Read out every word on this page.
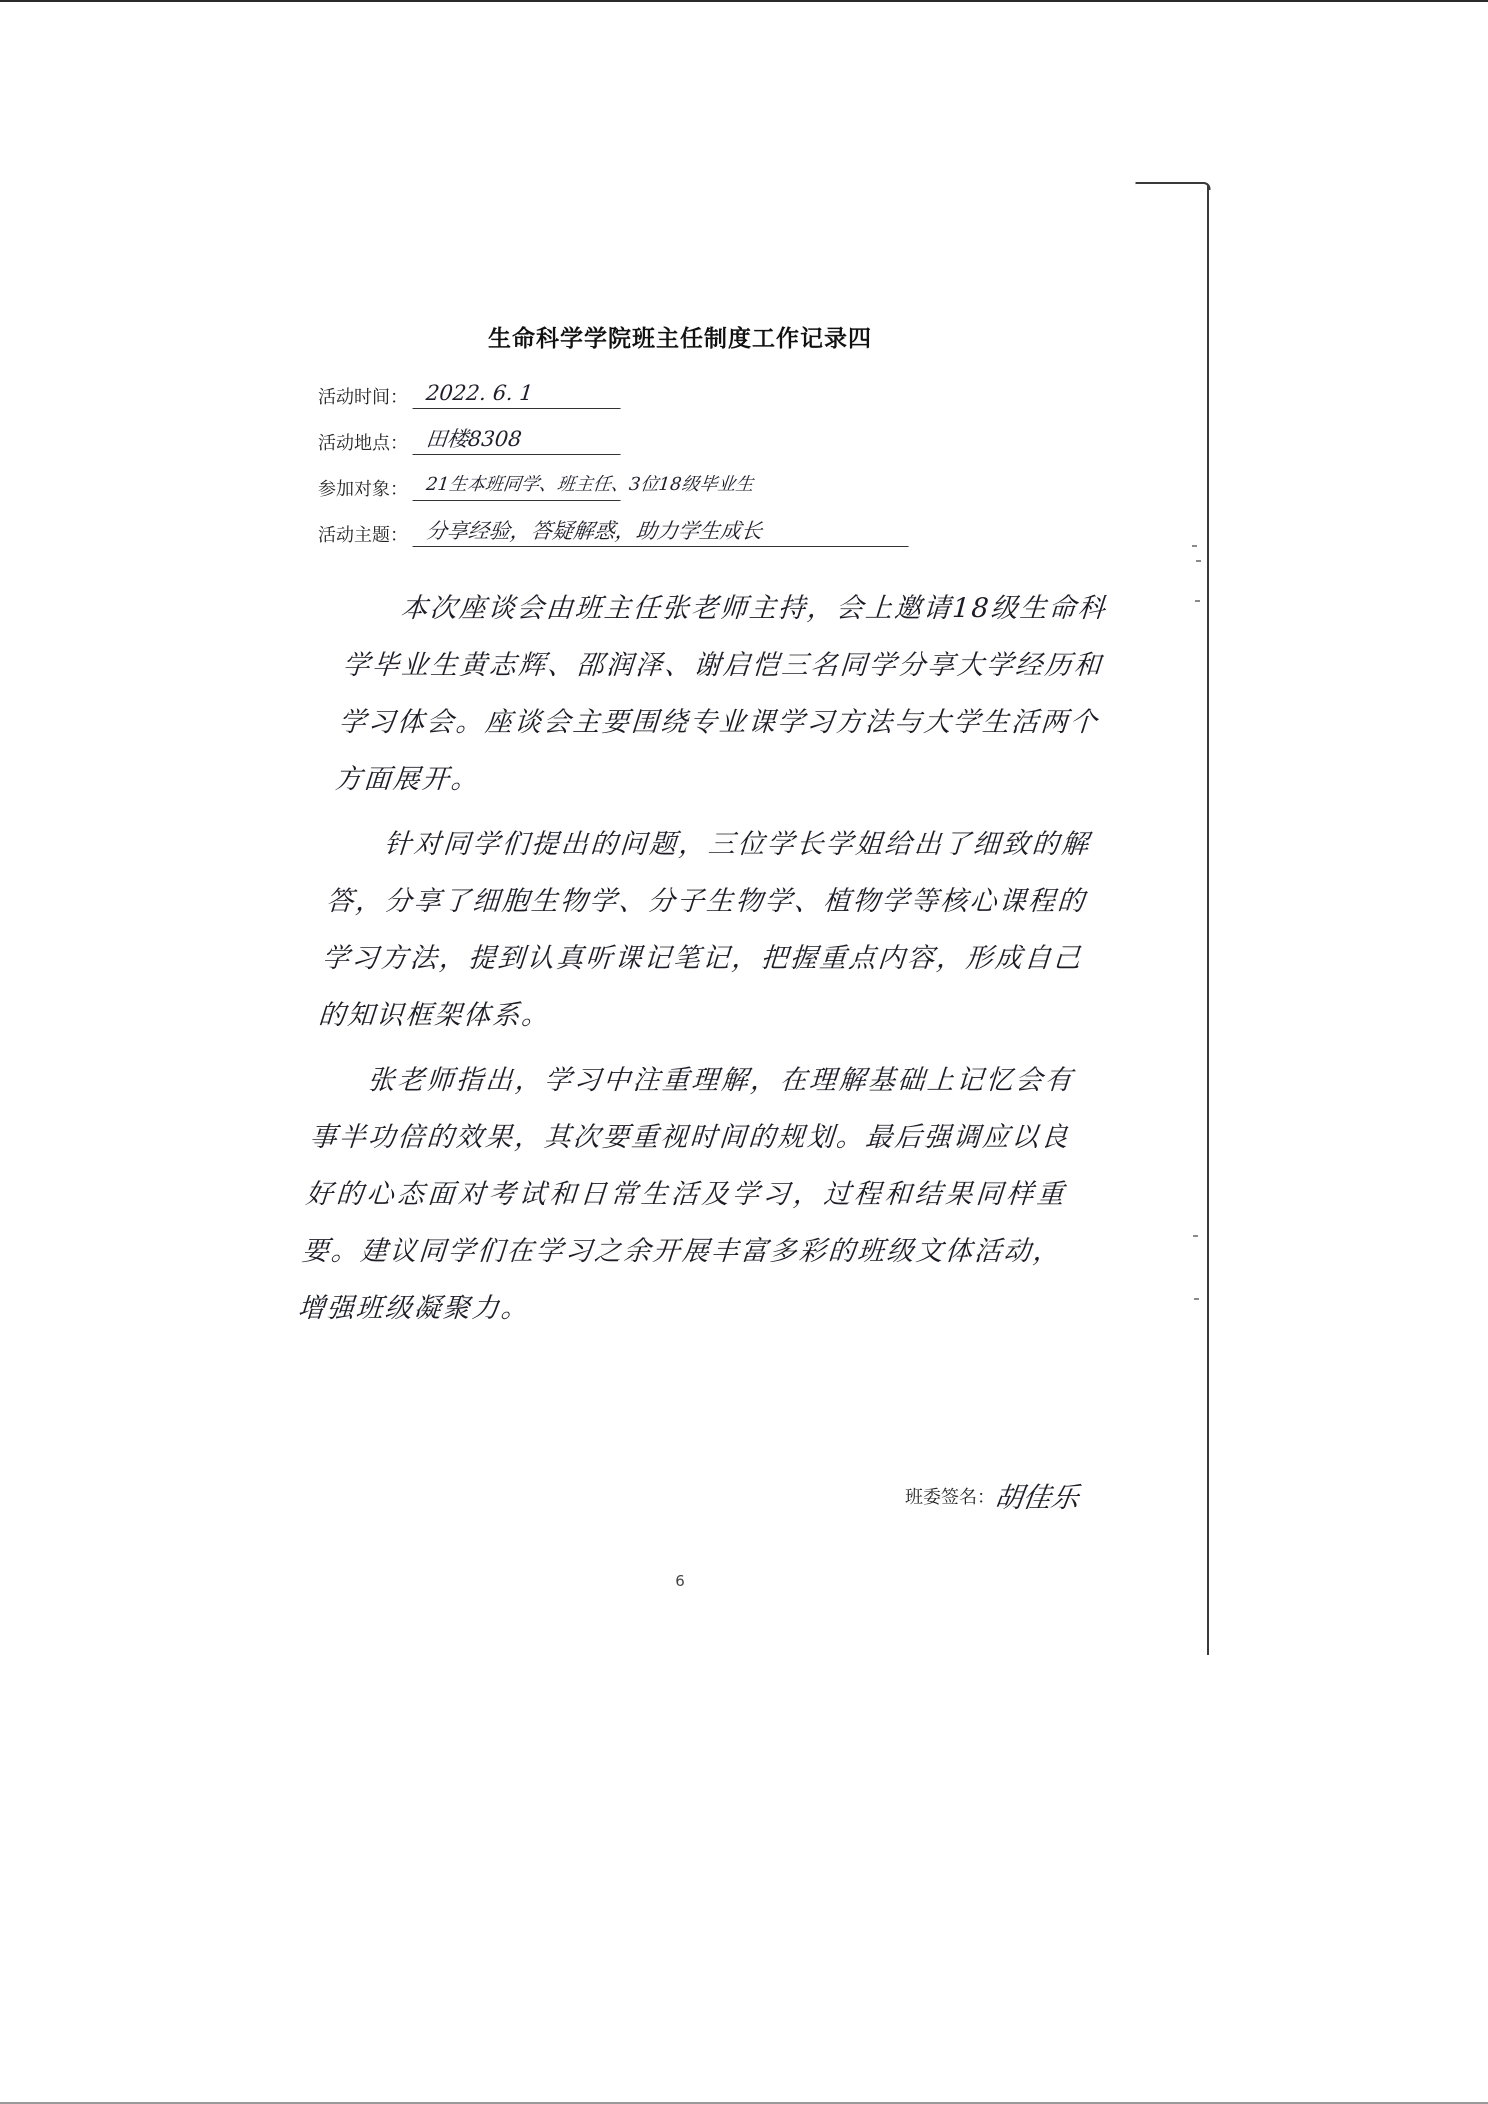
生命科学学院班主任制度工作记录四
活动时间： 2022. 6. 1
活动地点： 田楼8308
参加对象： 21生本班同学、班主任、3位18级毕业生
活动主题： 分享经验，答疑解惑，助力学生成长

本次座谈会由班主任张老师主持，会上邀请18级生命科学毕业生黄志辉、邵润泽、谢启恺三名同学分享大学经历和学习体会。座谈会主要围绕专业课学习方法与大学生活两个方面展开。

针对同学们提出的问题，三位学长学姐给出了细致的解答，分享了细胞生物学、分子生物学、植物学等核心课程的学习方法，提到认真听课记笔记，把握重点内容，形成自己的知识框架体系。

张老师指出，学习中注重理解，在理解基础上记忆会有事半功倍的效果，其次要重视时间的规划。最后强调应以良好的心态面对考试和日常生活及学习，过程和结果同样重要。建议同学们在学习之余开展丰富多彩的班级文体活动，增强班级凝聚力。

班委签名：
胡佳乐
6
